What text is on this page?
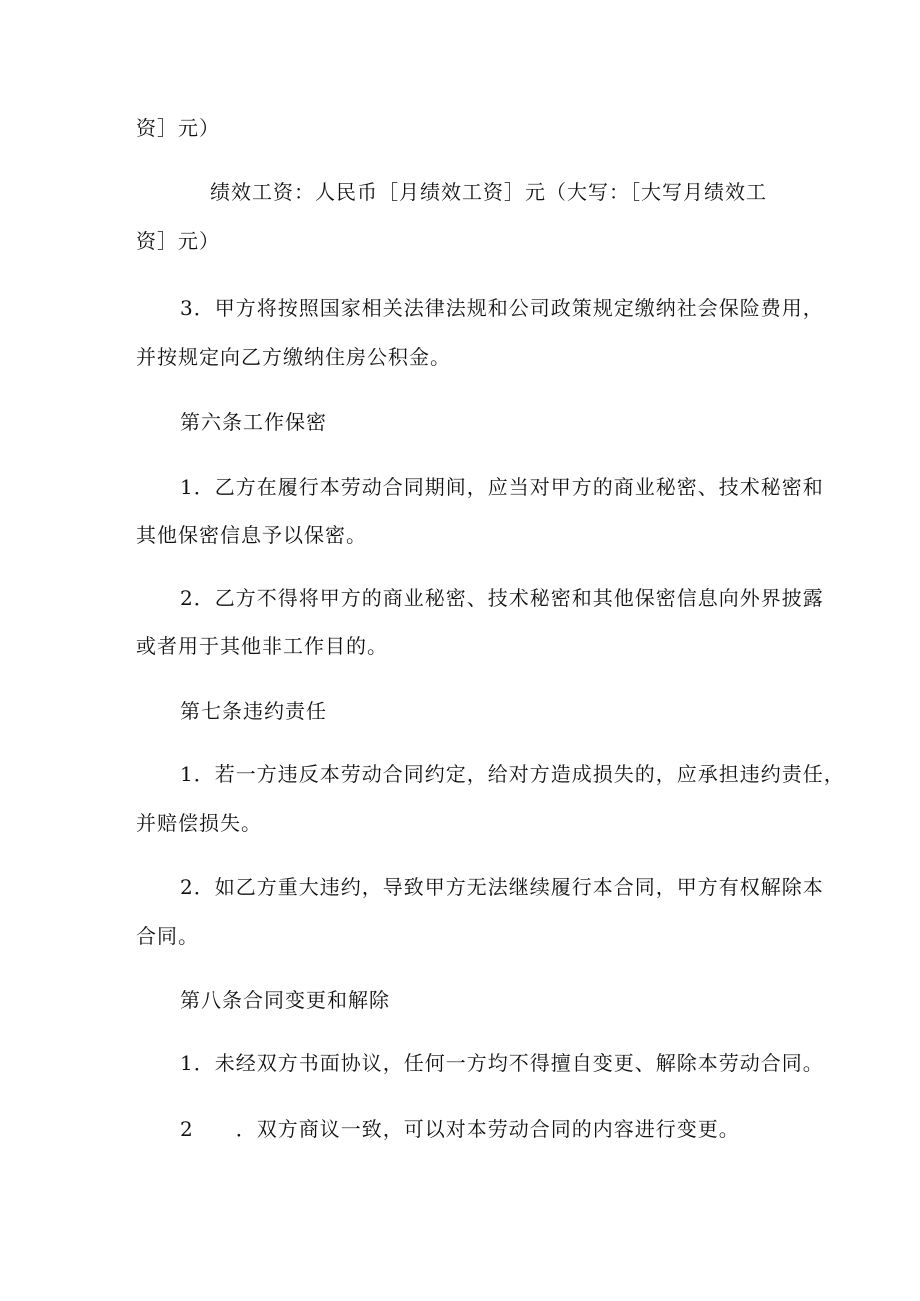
资］元）
绩效工资：人民币［月绩效工资］元（大写：［大写月绩效工
资］元）
3．甲方将按照国家相关法律法规和公司政策规定缴纳社会保险费用，
并按规定向乙方缴纳住房公积金。
第六条工作保密
1．乙方在履行本劳动合同期间，应当对甲方的商业秘密、技术秘密和
其他保密信息予以保密。
2．乙方不得将甲方的商业秘密、技术秘密和其他保密信息向外界披露
或者用于其他非工作目的。
第七条违约责任
1．若一方违反本劳动合同约定，给对方造成损失的，应承担违约责任，
并赔偿损失。
2．如乙方重大违约，导致甲方无法继续履行本合同，甲方有权解除本
合同。
第八条合同变更和解除
1．未经双方书面协议，任何一方均不得擅自变更、解除本劳动合同。
2　　．双方商议一致，可以对本劳动合同的内容进行变更。
